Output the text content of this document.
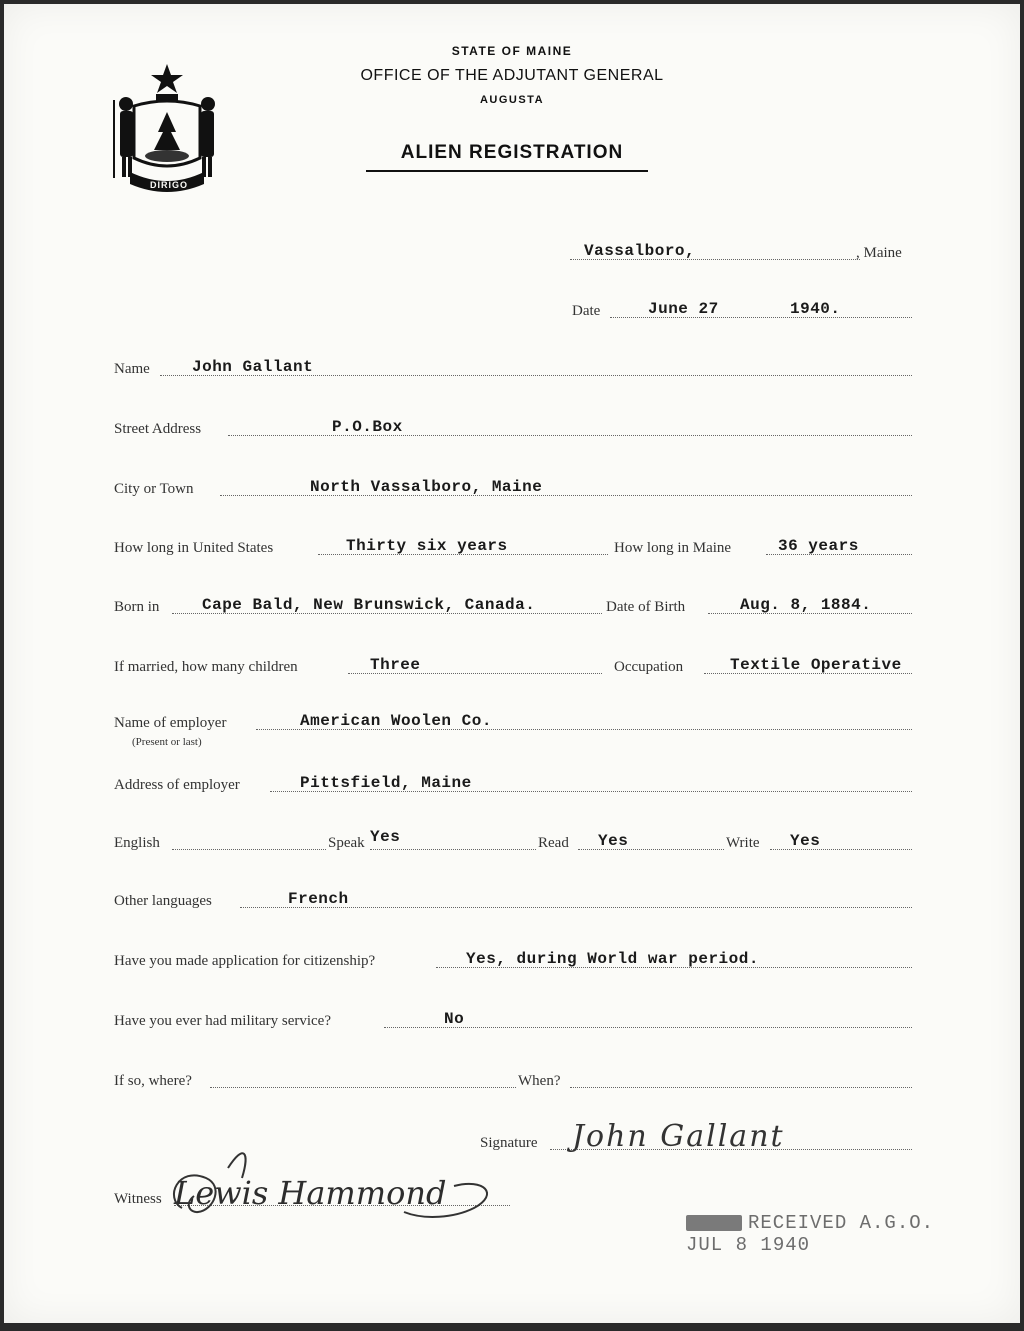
DIRIGO
STATE OF MAINE
OFFICE OF THE ADJUTANT GENERAL
AUGUSTA
ALIEN REGISTRATION
Vassalboro,	, Maine
Date	June 27	1940.
Name	John Gallant
Street Address	P.O.Box
City or Town	North Vassalboro, Maine
How long in United States	Thirty six years	How long in Maine	36 years
Born in	Cape Bald, New Brunswick, Canada.	Date of Birth	Aug. 8, 1884.
If married, how many children	Three	Occupation	Textile Operative
Name of employer	American Woolen Co.
(Present or last)
Address of employer	Pittsfield, Maine
English	Speak Yes	Read Yes	Write Yes
Other languages	French
Have you made application for citizenship?	Yes, during World war period.
Have you ever had military service?	No
If so, where?	When?
Signature John Gallant
Witness Lewis Hammond
RECEIVED A.G.O. JUL 8 1940
